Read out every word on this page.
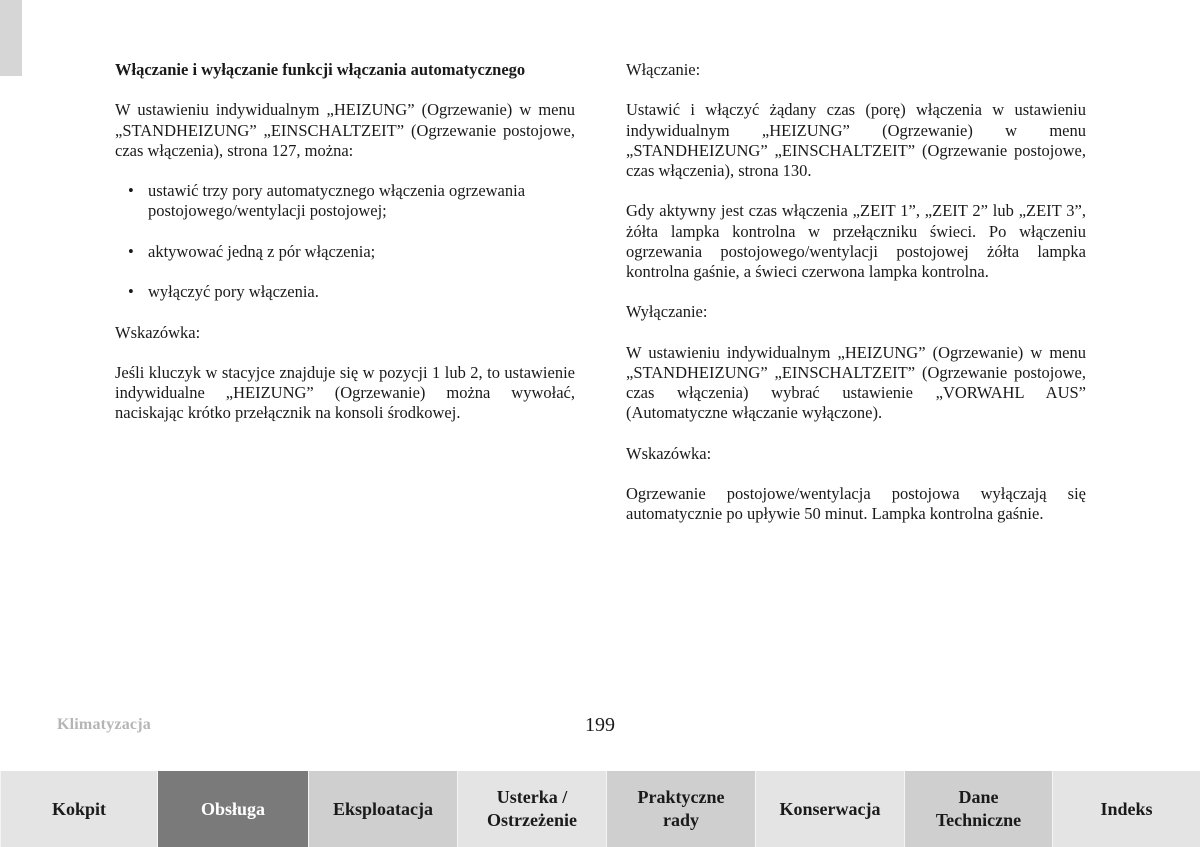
Włączanie i wyłączanie funkcji włączania automatycznego

W ustawieniu indywidualnym „HEIZUNG” (Ogrzewanie) w menu „STANDHEIZUNG” „EINSCHALTZEIT” (Ogrzewanie postojowe, czas włączenia), strona 127, można:

• ustawić trzy pory automatycznego włączenia ogrzewania postojowego/wentylacji postojowej;
• aktywować jedną z pór włączenia;
• wyłączyć pory włączenia.

Wskazówka:

Jeśli kluczyk w stacyjce znajduje się w pozycji 1 lub 2, to ustawienie indywidualne „HEIZUNG” (Ogrzewanie) można wywołać, naciskając krótko przełącznik na konsoli środkowej.

Włączanie:

Ustawić i włączyć żądany czas (porę) włączenia w ustawieniu indywidualnym „HEIZUNG” (Ogrzewanie) w menu „STANDHEIZUNG” „EINSCHALTZEIT” (Ogrzewanie postojowe, czas włączenia), strona 130.

Gdy aktywny jest czas włączenia „ZEIT 1”, „ZEIT 2” lub „ZEIT 3”, żółta lampka kontrolna w przełączniku świeci. Po włączeniu ogrzewania postojowego/wentylacji postojowej żółta lampka kontrolna gaśnie, a świeci czerwona lampka kontrolna.

Wyłączanie:

W ustawieniu indywidualnym „HEIZUNG” (Ogrzewanie) w menu „STANDHEIZUNG” „EINSCHALTZEIT” (Ogrzewanie postojowe, czas włączenia) wybrać ustawienie „VORWAHL AUS” (Automatyczne włączanie wyłączone).

Wskazówka:

Ogrzewanie postojowe/wentylacja postojowa wyłączają się automatycznie po upływie 50 minut. Lampka kontrolna gaśnie.

Klimatyzacja	199
Kokpit	Obsługa	Eksploatacja
Usterka /
Ostrzeżenie
Praktyczne
rady
Konserwacja
Dane
Techniczne
Indeks
